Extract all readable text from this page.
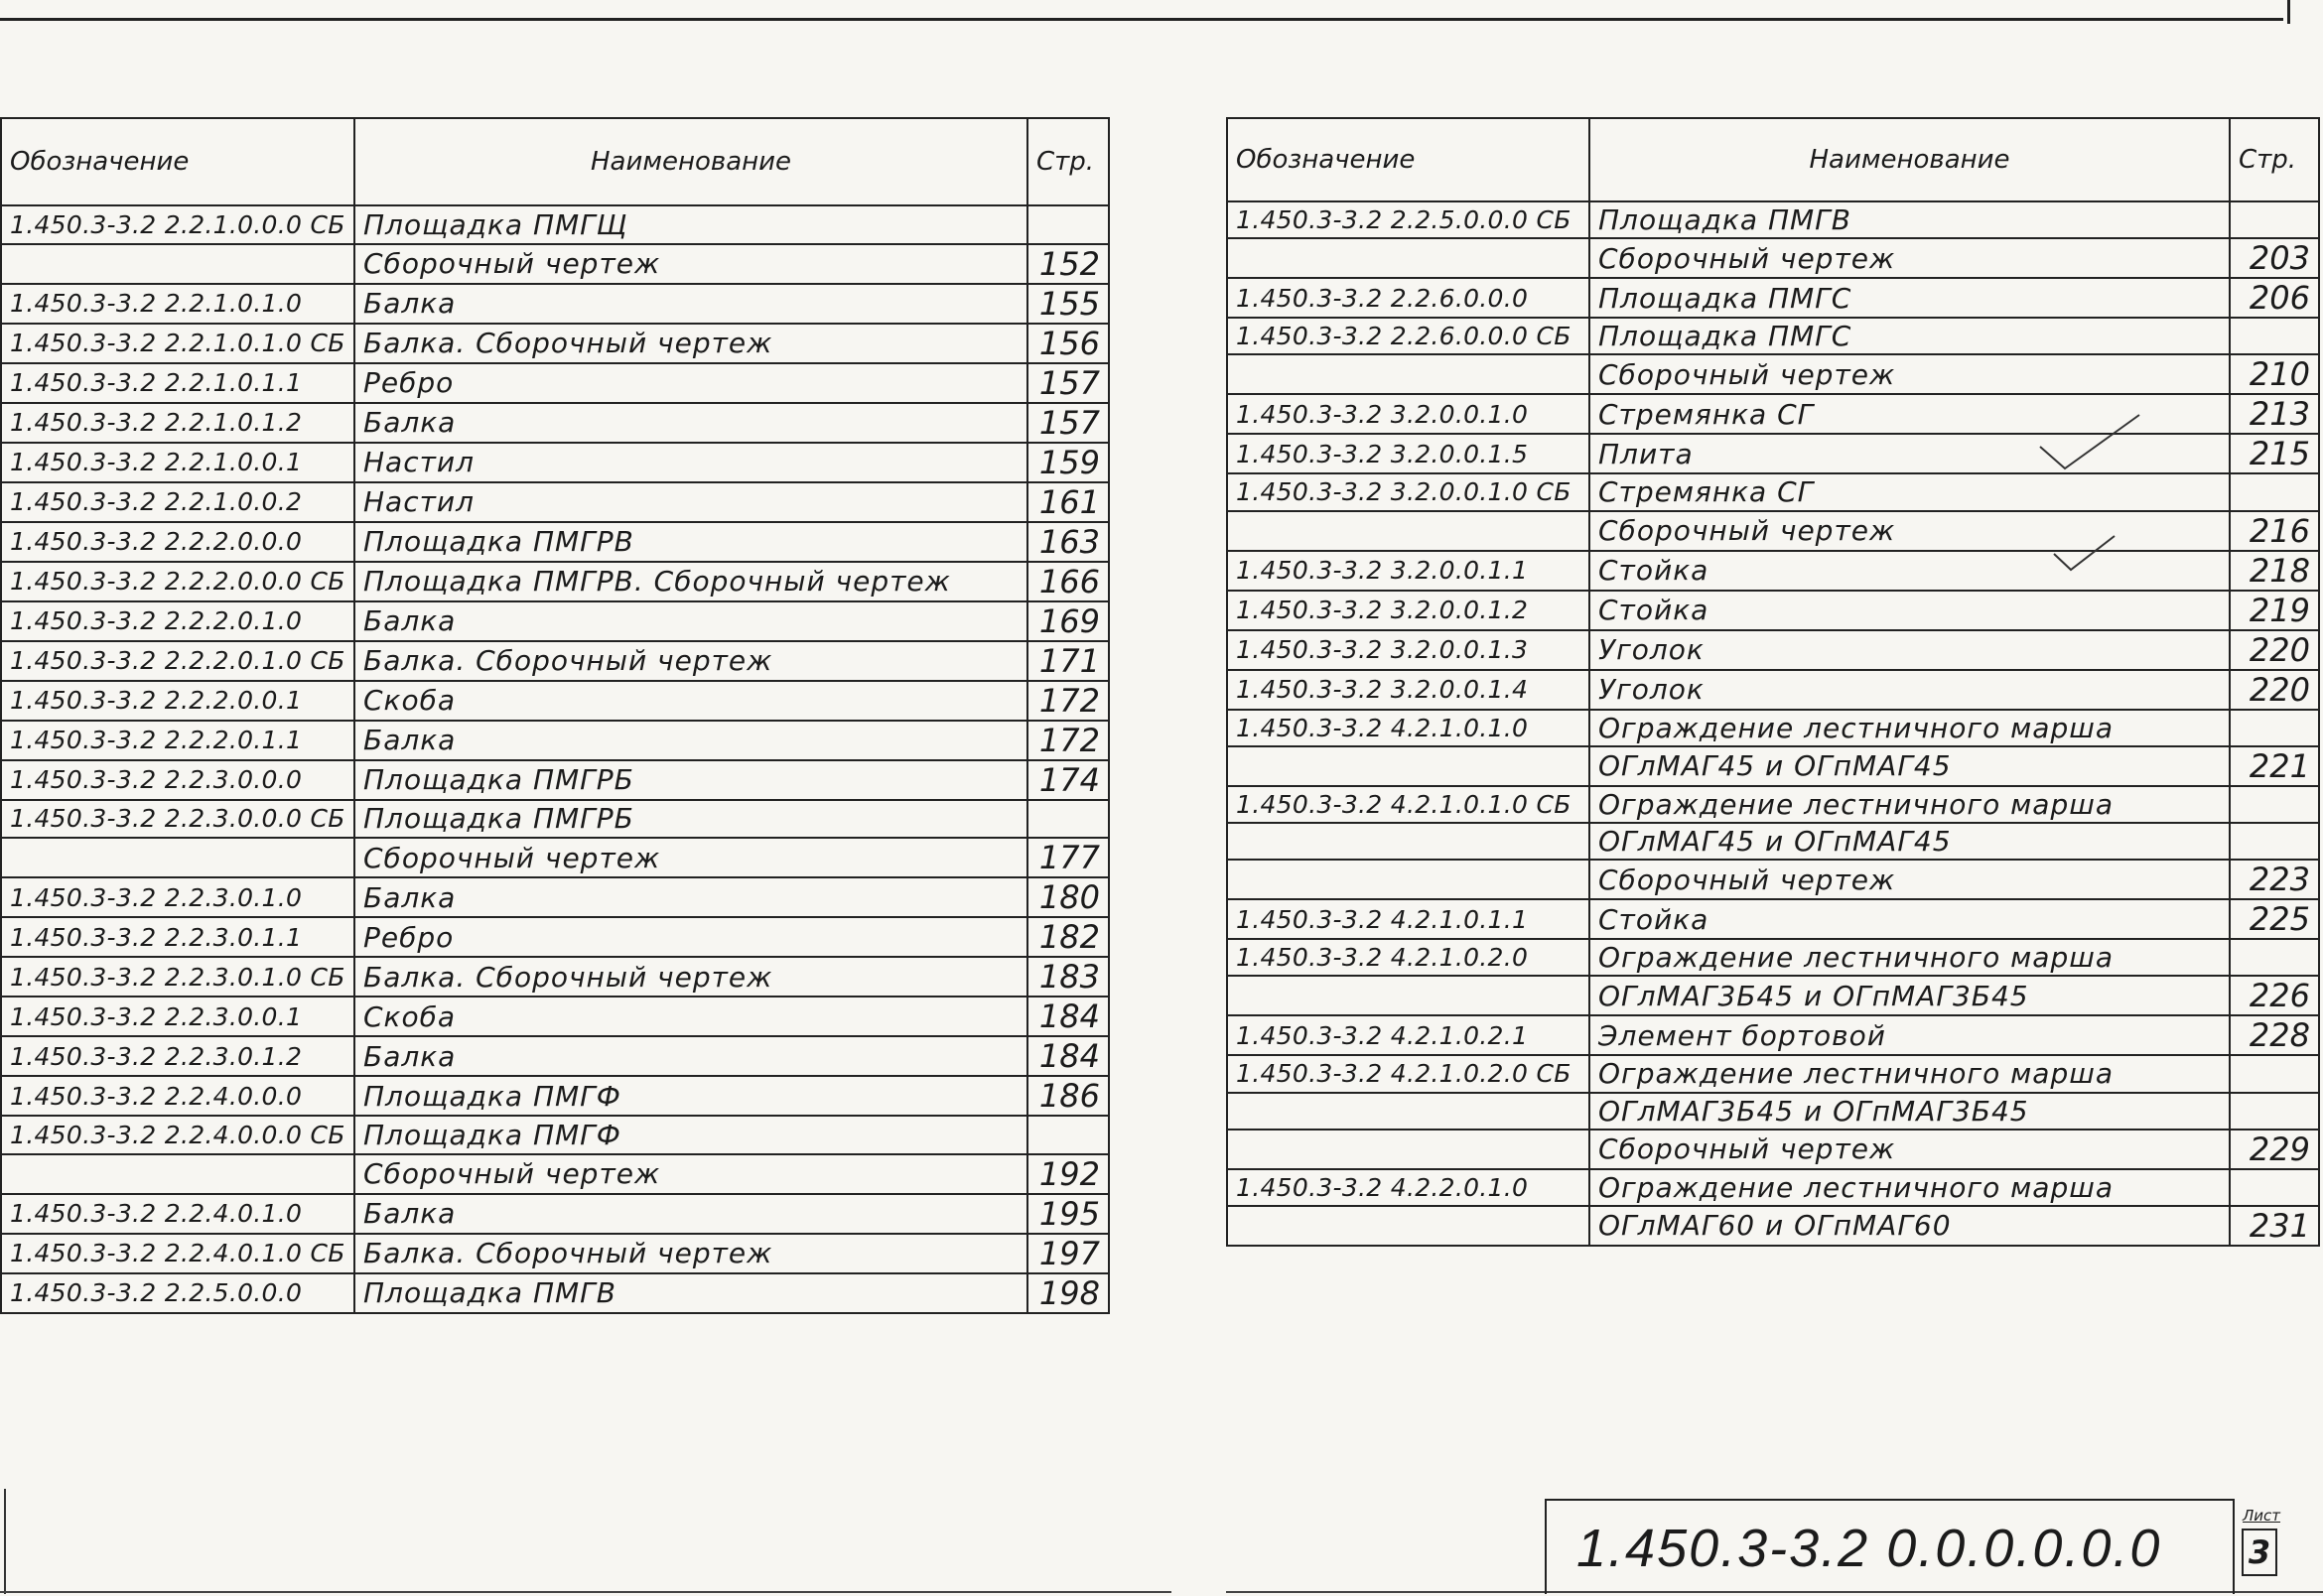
Обозначение	Наименование	Стр.
1.450.3-3.2 2.2.1.0.0.0 СБ	Площадка ПМГЩ	
	Сборочный чертеж	152
1.450.3-3.2 2.2.1.0.1.0	Балка	155
1.450.3-3.2 2.2.1.0.1.0 СБ	Балка. Сборочный чертеж	156
1.450.3-3.2 2.2.1.0.1.1	Ребро	157
1.450.3-3.2 2.2.1.0.1.2	Балка	157
1.450.3-3.2 2.2.1.0.0.1	Настил	159
1.450.3-3.2 2.2.1.0.0.2	Настил	161
1.450.3-3.2 2.2.2.0.0.0	Площадка ПМГРВ	163
1.450.3-3.2 2.2.2.0.0.0 СБ	Площадка ПМГРВ. Сборочный чертеж	166
1.450.3-3.2 2.2.2.0.1.0	Балка	169
1.450.3-3.2 2.2.2.0.1.0 СБ	Балка. Сборочный чертеж	171
1.450.3-3.2 2.2.2.0.0.1	Скоба	172
1.450.3-3.2 2.2.2.0.1.1	Балка	172
1.450.3-3.2 2.2.3.0.0.0	Площадка ПМГРБ	174
1.450.3-3.2 2.2.3.0.0.0 СБ	Площадка ПМГРБ	
	Сборочный чертеж	177
1.450.3-3.2 2.2.3.0.1.0	Балка	180
1.450.3-3.2 2.2.3.0.1.1	Ребро	182
1.450.3-3.2 2.2.3.0.1.0 СБ	Балка. Сборочный чертеж	183
1.450.3-3.2 2.2.3.0.0.1	Скоба	184
1.450.3-3.2 2.2.3.0.1.2	Балка	184
1.450.3-3.2 2.2.4.0.0.0	Площадка ПМГФ	186
1.450.3-3.2 2.2.4.0.0.0 СБ	Площадка ПМГФ	
	Сборочный чертеж	192
1.450.3-3.2 2.2.4.0.1.0	Балка	195
1.450.3-3.2 2.2.4.0.1.0 СБ	Балка. Сборочный чертеж	197
1.450.3-3.2 2.2.5.0.0.0	Площадка ПМГВ	198
Обозначение	Наименование	Стр.
1.450.3-3.2 2.2.5.0.0.0 СБ	Площадка ПМГВ	
	Сборочный чертеж	203
1.450.3-3.2 2.2.6.0.0.0	Площадка ПМГС	206
1.450.3-3.2 2.2.6.0.0.0 СБ	Площадка ПМГС	
	Сборочный чертеж	210
1.450.3-3.2 3.2.0.0.1.0	Стремянка СГ	213
1.450.3-3.2 3.2.0.0.1.5	Плита	215
1.450.3-3.2 3.2.0.0.1.0 СБ	Стремянка СГ	
	Сборочный чертеж	216
1.450.3-3.2 3.2.0.0.1.1	Стойка	218
1.450.3-3.2 3.2.0.0.1.2	Стойка	219
1.450.3-3.2 3.2.0.0.1.3	Уголок	220
1.450.3-3.2 3.2.0.0.1.4	Уголок	220
1.450.3-3.2 4.2.1.0.1.0	Ограждение лестничного марша	
	ОГлМАГ45 и ОГпМАГ45	221
1.450.3-3.2 4.2.1.0.1.0 СБ	Ограждение лестничного марша	
	ОГлМАГ45 и ОГпМАГ45	
	Сборочный чертеж	223
1.450.3-3.2 4.2.1.0.1.1	Стойка	225
1.450.3-3.2 4.2.1.0.2.0	Ограждение лестничного марша	
	ОГлМАГ3Б45 и ОГпМАГ3Б45	226
1.450.3-3.2 4.2.1.0.2.1	Элемент бортовой	228
1.450.3-3.2 4.2.1.0.2.0 СБ	Ограждение лестничного марша	
	ОГлМАГ3Б45 и ОГпМАГ3Б45	
	Сборочный чертеж	229
1.450.3-3.2 4.2.2.0.1.0	Ограждение лестничного марша	
	ОГлМАГ60 и ОГпМАГ60	231
1.450.3-3.2 0.0.0.0.0.0
Лист
3
